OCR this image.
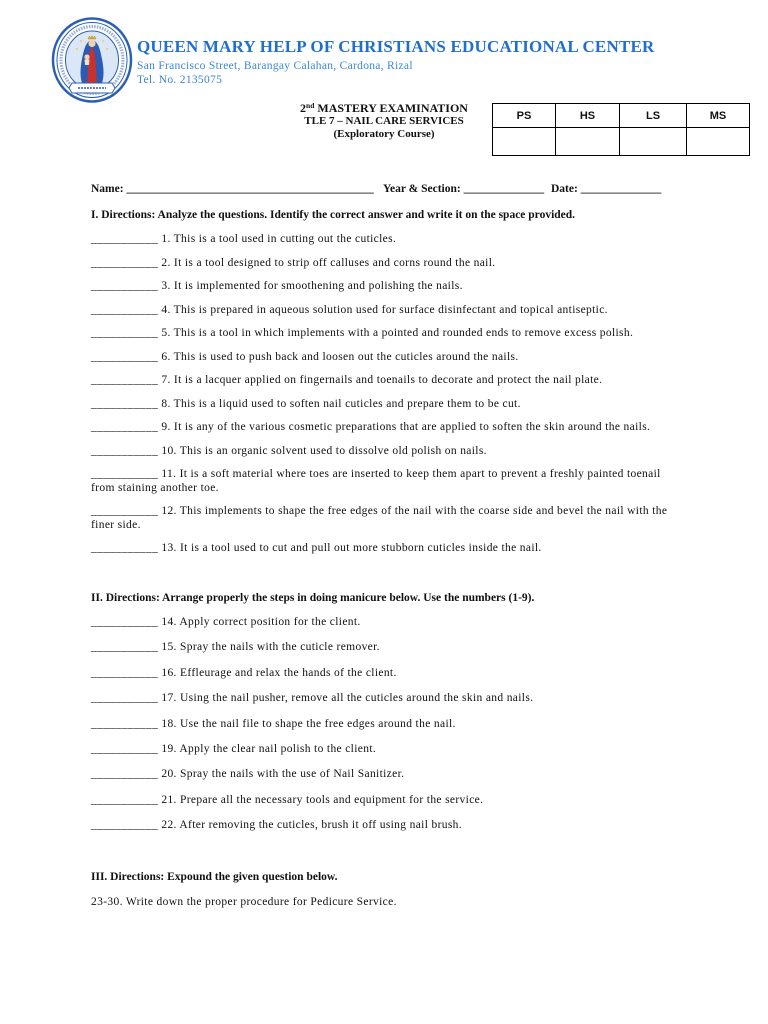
QUEEN MARY HELP OF CHRISTIANS EDUCATIONAL CENTER
San Francisco Street, Barangay Calahan, Cardona, Rizal
Tel. No. 2135075
2nd MASTERY EXAMINATION
TLE 7 – NAIL CARE SERVICES
(Exploratory Course)
PS	HS	LS	MS

Name: ___________________________________________ Year & Section: ______________ Date: ______________
I. Directions: Analyze the questions. Identify the correct answer and write it on the space provided.
___________ 1. This is a tool used in cutting out the cuticles.
___________ 2. It is a tool designed to strip off calluses and corns round the nail.
___________ 3. It is implemented for smoothening and polishing the nails.
___________ 4. This is prepared in aqueous solution used for surface disinfectant and topical antiseptic.
___________ 5. This is a tool in which implements with a pointed and rounded ends to remove excess polish.
___________ 6. This is used to push back and loosen out the cuticles around the nails.
___________ 7. It is a lacquer applied on fingernails and toenails to decorate and protect the nail plate.
___________ 8. This is a liquid used to soften nail cuticles and prepare them to be cut.
___________ 9. It is any of the various cosmetic preparations that are applied to soften the skin around the nails.
___________ 10. This is an organic solvent used to dissolve old polish on nails.
___________ 11. It is a soft material where toes are inserted to keep them apart to prevent a freshly painted toenail from staining another toe.
___________ 12. This implements to shape the free edges of the nail with the coarse side and bevel the nail with the finer side.
___________ 13. It is a tool used to cut and pull out more stubborn cuticles inside the nail.
II. Directions: Arrange properly the steps in doing manicure below. Use the numbers (1-9).
___________ 14. Apply correct position for the client.
___________ 15. Spray the nails with the cuticle remover.
___________ 16. Effleurage and relax the hands of the client.
___________ 17. Using the nail pusher, remove all the cuticles around the skin and nails.
___________ 18. Use the nail file to shape the free edges around the nail.
___________ 19. Apply the clear nail polish to the client.
___________ 20. Spray the nails with the use of Nail Sanitizer.
___________ 21. Prepare all the necessary tools and equipment for the service.
___________ 22. After removing the cuticles, brush it off using nail brush.
III. Directions: Expound the given question below.
23-30. Write down the proper procedure for Pedicure Service.
